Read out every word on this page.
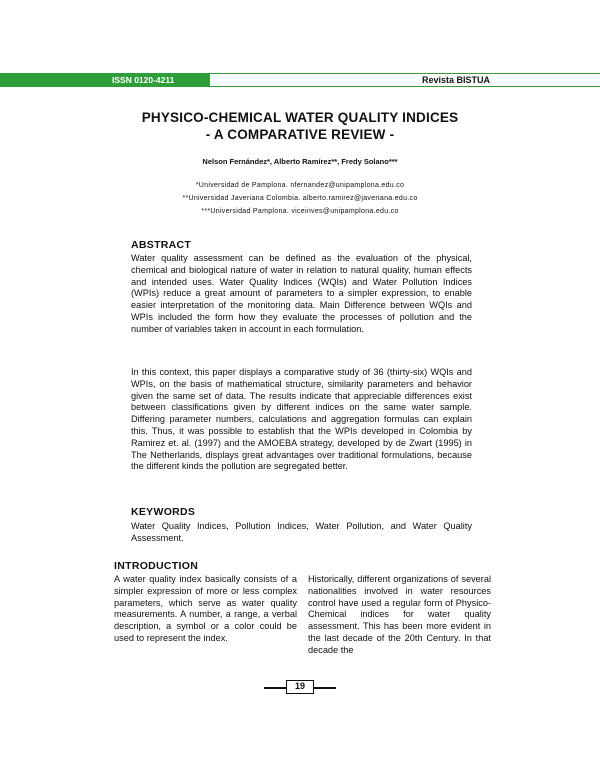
ISSN 0120-4211	Revista BISTUA
PHYSICO-CHEMICAL WATER QUALITY INDICES
- A COMPARATIVE REVIEW -
Nelson Fernández*, Alberto Ramírez**, Fredy Solano***
*Universidad de Pamplona. nfernandez@unipamplona.edu.co
**Universidad Javeriana Colombia. alberto.ramirez@javeriana.edu.co
***Universidad Pamplona. viceinves@unipamplona.edu.co
ABSTRACT

Water quality assessment can be defined as the evaluation of the physical, chemical and biological nature of water in relation to natural quality, human effects and intended uses. Water Quality Indices (WQIs) and Water Pollution Indices (WPIs) reduce a great amount of parameters to a simpler expression, to enable easier interpretation of the monitoring data. Main Difference between WQIs and WPIs included the form how they evaluate the processes of pollution and the number of variables taken in account in each formulation.

In this context, this paper displays a comparative study of 36 (thirty-six) WQIs and WPIs, on the basis of mathematical structure, similarity parameters and behavior given the same set of data. The results indicate that appreciable differences exist between classifications given by different indices on the same water sample. Differing parameter numbers, calculations and aggregation formulas can explain this. Thus, it was possible to establish that the WPIs developed in Colombia by Ramirez et. al. (1997) and the AMOEBA strategy, developed by de Zwart (1995) in The Netherlands, displays great advantages over traditional formulations, because the different kinds the pollution are segregated better.

KEYWORDS

Water Quality Indices, Pollution Indices, Water Pollution, and Water Quality Assessment.

INTRODUCTION

A water quality index basically consists of a simpler expression of more or less complex parameters, which serve as water quality measurements. A number, a range, a verbal description, a symbol or a color could be used to represent the index.

Historically, different organizations of several nationalities involved in water resources control have used a regular form of Physico-Chemical indices for water quality assessment. This has been more evident in the last decade of the 20th Century. In that decade the

19
